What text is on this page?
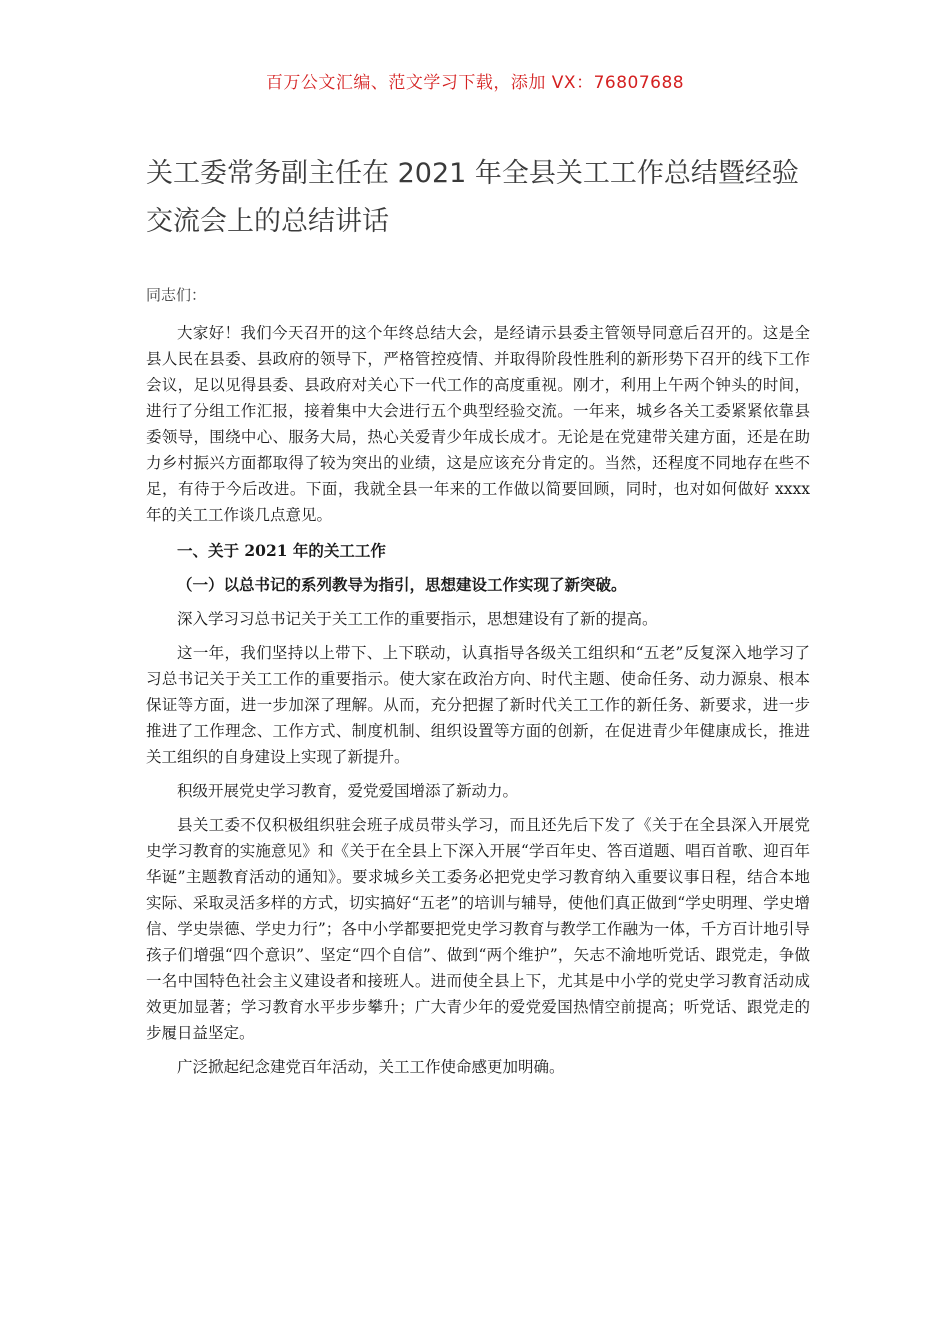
百万公文汇编、范文学习下载，添加 VX：76807688
关工委常务副主任在 2021 年全县关工工作总结暨经验交流会上的总结讲话

同志们：

大家好！我们今天召开的这个年终总结大会，是经请示县委主管领导同意后召开的。这是全县人民在县委、县政府的领导下，严格管控疫情、并取得阶段性胜利的新形势下召开的线下工作会议，足以见得县委、县政府对关心下一代工作的高度重视。刚才，利用上午两个钟头的时间，进行了分组工作汇报，接着集中大会进行五个典型经验交流。一年来，城乡各关工委紧紧依靠县委领导，围绕中心、服务大局，热心关爱青少年成长成才。无论是在党建带关建方面，还是在助力乡村振兴方面都取得了较为突出的业绩，这是应该充分肯定的。当然，还程度不同地存在些不足，有待于今后改进。下面，我就全县一年来的工作做以简要回顾，同时，也对如何做好 xxxx 年的关工工作谈几点意见。

一、关于 2021 年的关工工作

（一）以总书记的系列教导为指引，思想建设工作实现了新突破。

深入学习习总书记关于关工工作的重要指示，思想建设有了新的提高。

这一年，我们坚持以上带下、上下联动，认真指导各级关工组织和“五老”反复深入地学习了习总书记关于关工工作的重要指示。使大家在政治方向、时代主题、使命任务、动力源泉、根本保证等方面，进一步加深了理解。从而，充分把握了新时代关工工作的新任务、新要求，进一步推进了工作理念、工作方式、制度机制、组织设置等方面的创新，在促进青少年健康成长，推进关工组织的自身建设上实现了新提升。

积级开展党史学习教育，爱党爱国增添了新动力。

县关工委不仅积极组织驻会班子成员带头学习，而且还先后下发了《关于在全县深入开展党史学习教育的实施意见》和《关于在全县上下深入开展“学百年史、答百道题、唱百首歌、迎百年华诞”主题教育活动的通知》。要求城乡关工委务必把党史学习教育纳入重要议事日程，结合本地实际、采取灵活多样的方式，切实搞好“五老”的培训与辅导，使他们真正做到“学史明理、学史增信、学史崇德、学史力行”；各中小学都要把党史学习教育与教学工作融为一体，千方百计地引导孩子们增强“四个意识”、坚定“四个自信”、做到“两个维护”，矢志不渝地听党话、跟党走，争做一名中国特色社会主义建设者和接班人。进而使全县上下，尤其是中小学的党史学习教育活动成效更加显著；学习教育水平步步攀升；广大青少年的爱党爱国热情空前提高；听党话、跟党走的步履日益坚定。

广泛掀起纪念建党百年活动，关工工作使命感更加明确。
